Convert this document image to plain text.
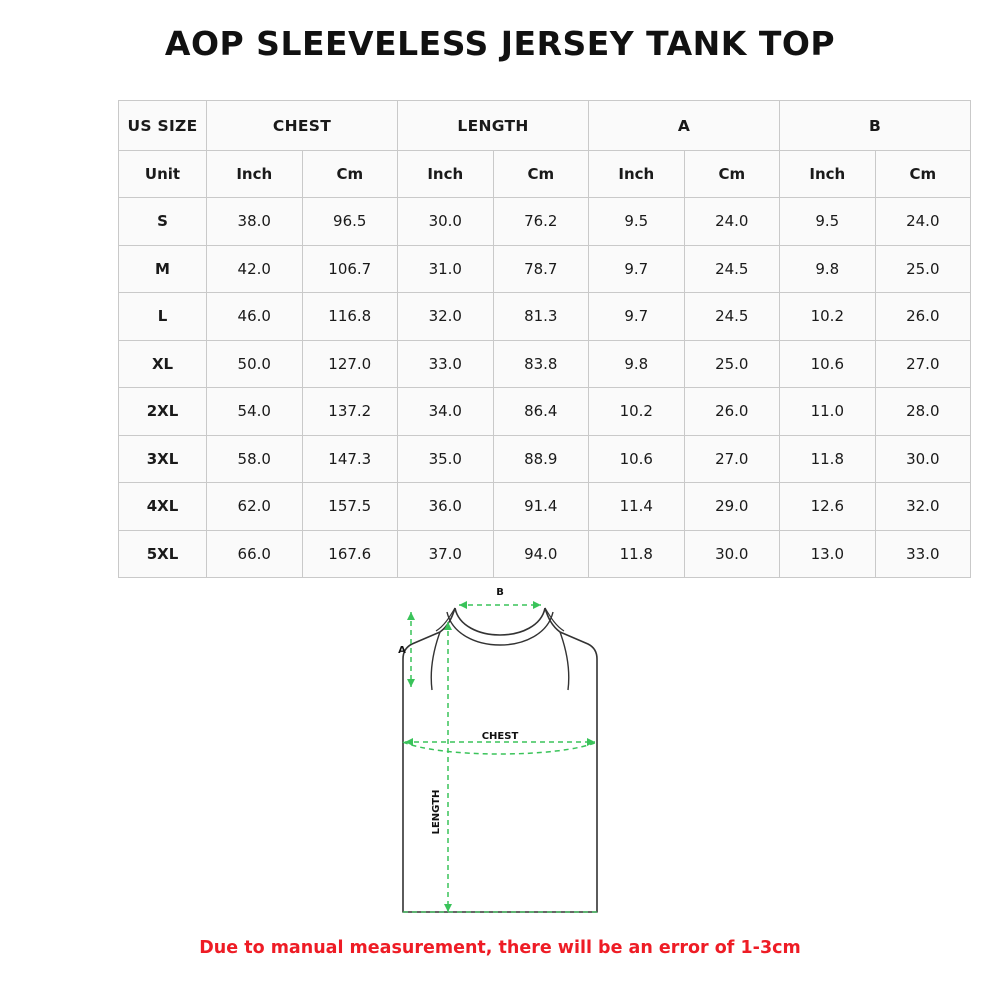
AOP SLEEVELESS JERSEY TANK TOP
US SIZE	CHEST		LENGTH		A		B	
Unit	Inch	Cm	Inch	Cm	Inch	Cm	Inch	Cm
S	38.0	96.5	30.0	76.2	9.5	24.0	9.5	24.0
M	42.0	106.7	31.0	78.7	9.7	24.5	9.8	25.0
L	46.0	116.8	32.0	81.3	9.7	24.5	10.2	26.0
XL	50.0	127.0	33.0	83.8	9.8	25.0	10.6	27.0
2XL	54.0	137.2	34.0	86.4	10.2	26.0	11.0	28.0
3XL	58.0	147.3	35.0	88.9	10.6	27.0	11.8	30.0
4XL	62.0	157.5	36.0	91.4	11.4	29.0	12.6	32.0
5XL	66.0	167.6	37.0	94.0	11.8	30.0	13.0	33.0
B
A
CHEST
LENGTH
Due to manual measurement, there will be an error of 1-3cm
